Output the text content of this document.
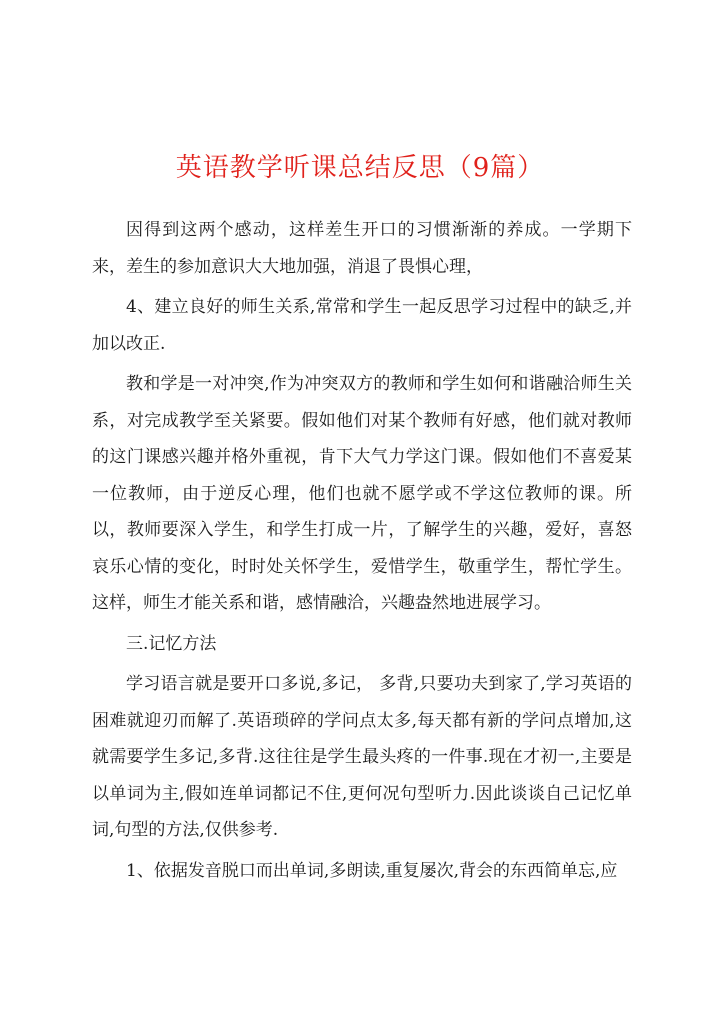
英语教学听课总结反思（9篇）

因得到这两个感动，这样差生开口的习惯渐渐的养成。一学期下来，差生的参加意识大大地加强，消退了畏惧心理，

4、建立良好的师生关系,常常和学生一起反思学习过程中的缺乏,并加以改正.

教和学是一对冲突,作为冲突双方的教师和学生如何和谐融洽师生关系，对完成教学至关紧要。假如他们对某个教师有好感，他们就对教师的这门课感兴趣并格外重视，肯下大气力学这门课。假如他们不喜爱某一位教师，由于逆反心理，他们也就不愿学或不学这位教师的课。所以，教师要深入学生，和学生打成一片，了解学生的兴趣，爱好，喜怒哀乐心情的变化，时时处关怀学生，爱惜学生，敬重学生，帮忙学生。这样，师生才能关系和谐，感情融洽，兴趣盎然地进展学习。

三.记忆方法

学习语言就是要开口多说,多记， 多背,只要功夫到家了,学习英语的困难就迎刃而解了.英语琐碎的学问点太多,每天都有新的学问点增加,这就需要学生多记,多背.这往往是学生最头疼的一件事.现在才初一,主要是以单词为主,假如连单词都记不住,更何况句型听力.因此谈谈自己记忆单词,句型的方法,仅供参考.

1、依据发音脱口而出单词,多朗读,重复屡次,背会的东西简单忘,应
